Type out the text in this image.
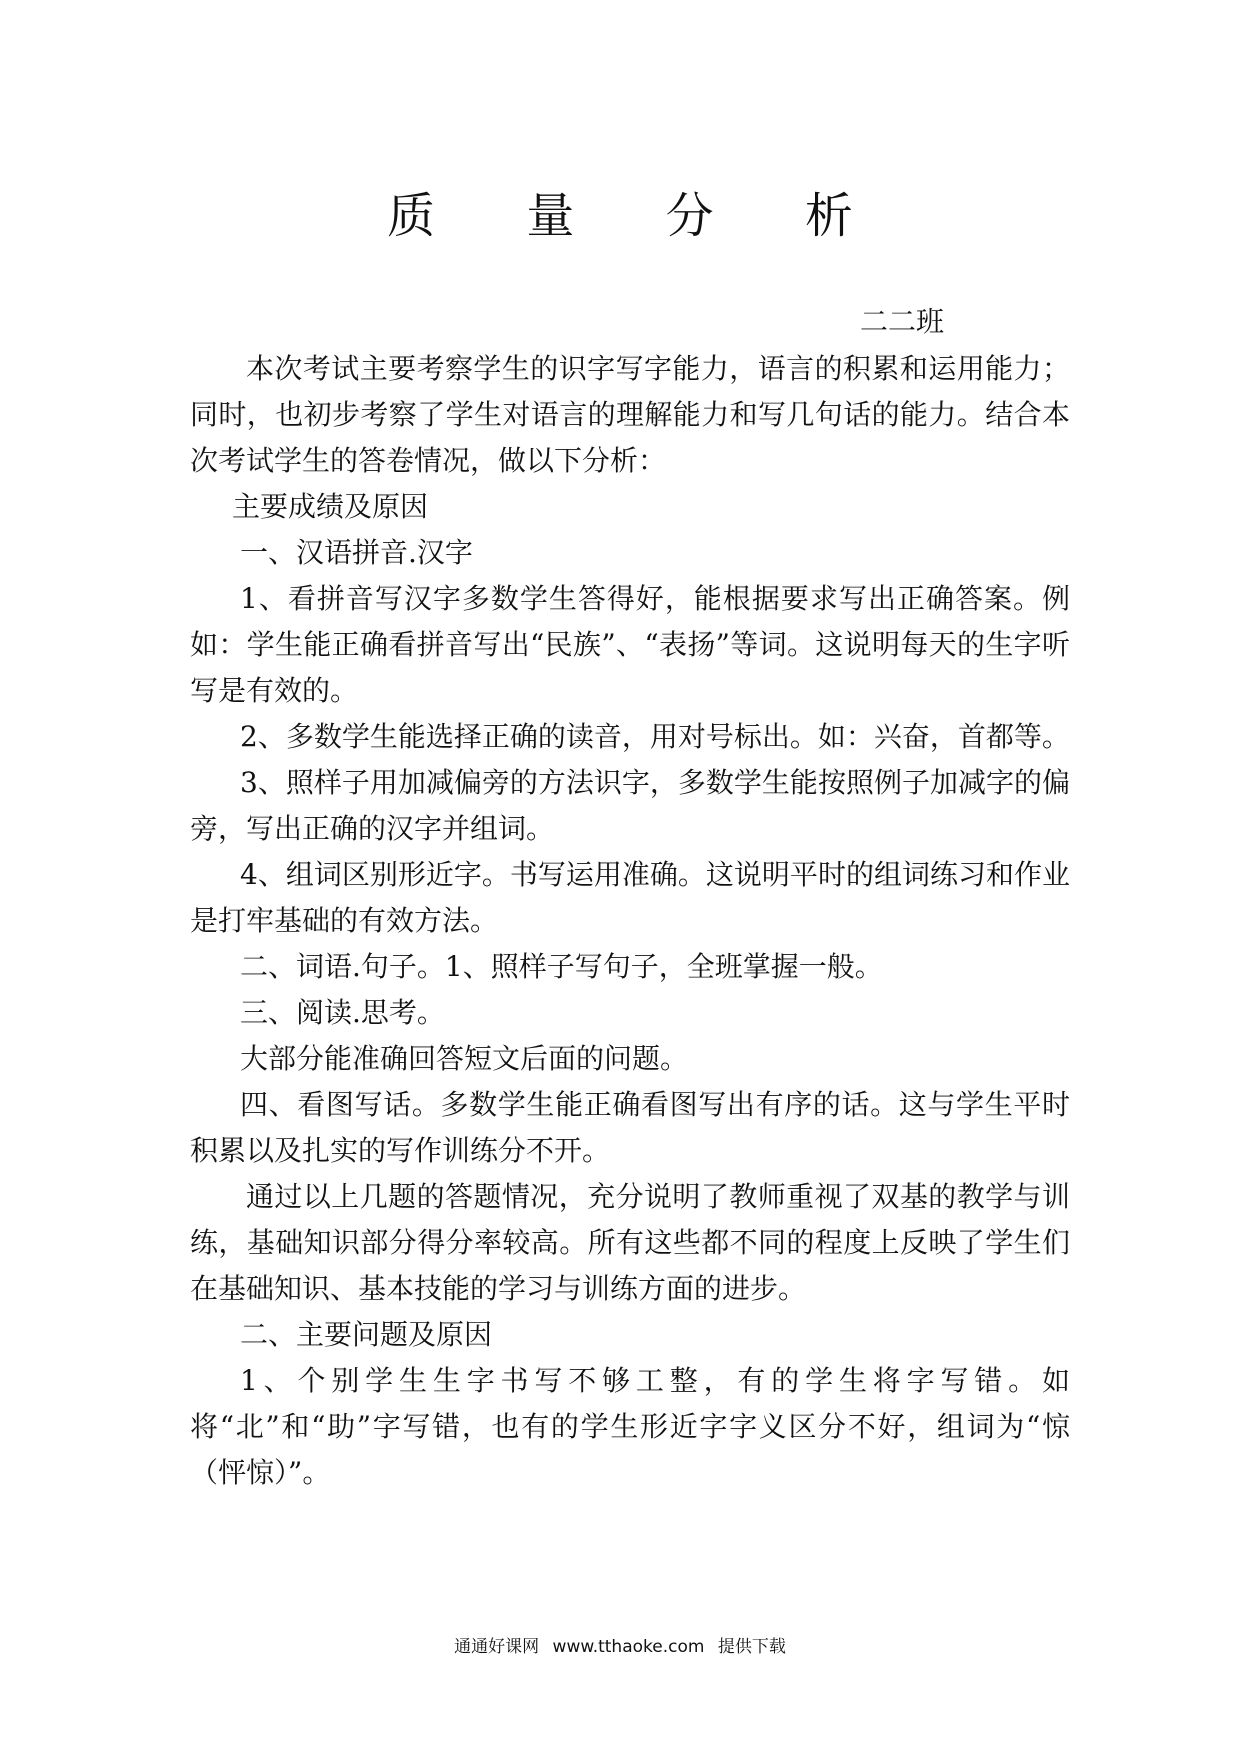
质 量 分 析

二二班

本次考试主要考察学生的识字写字能力，语言的积累和运用能力；同时，也初步考察了学生对语言的理解能力和写几句话的能力。结合本次考试学生的答卷情况，做以下分析：

主要成绩及原因

一、汉语拼音.汉字

1、看拼音写汉字多数学生答得好，能根据要求写出正确答案。例如：学生能正确看拼音写出“民族”、“表扬”等词。这说明每天的生字听写是有效的。

2、多数学生能选择正确的读音，用对号标出。如：兴奋，首都等。

3、照样子用加减偏旁的方法识字，多数学生能按照例子加减字的偏旁，写出正确的汉字并组词。

4、组词区别形近字。书写运用准确。这说明平时的组词练习和作业是打牢基础的有效方法。

二、词语.句子。1、照样子写句子，全班掌握一般。

三、阅读.思考。

大部分能准确回答短文后面的问题。

四、看图写话。多数学生能正确看图写出有序的话。这与学生平时积累以及扎实的写作训练分不开。

通过以上几题的答题情况，充分说明了教师重视了双基的教学与训练，基础知识部分得分率较高。所有这些都不同的程度上反映了学生们在基础知识、基本技能的学习与训练方面的进步。

二、主要问题及原因

1、个别学生生字书写不够工整，有的学生将字写错。如将“北”和“助”字写错，也有的学生形近字字义区分不好，组词为“惊（怦惊）”。

通通好课网 www.tthaoke.com 提供下载
